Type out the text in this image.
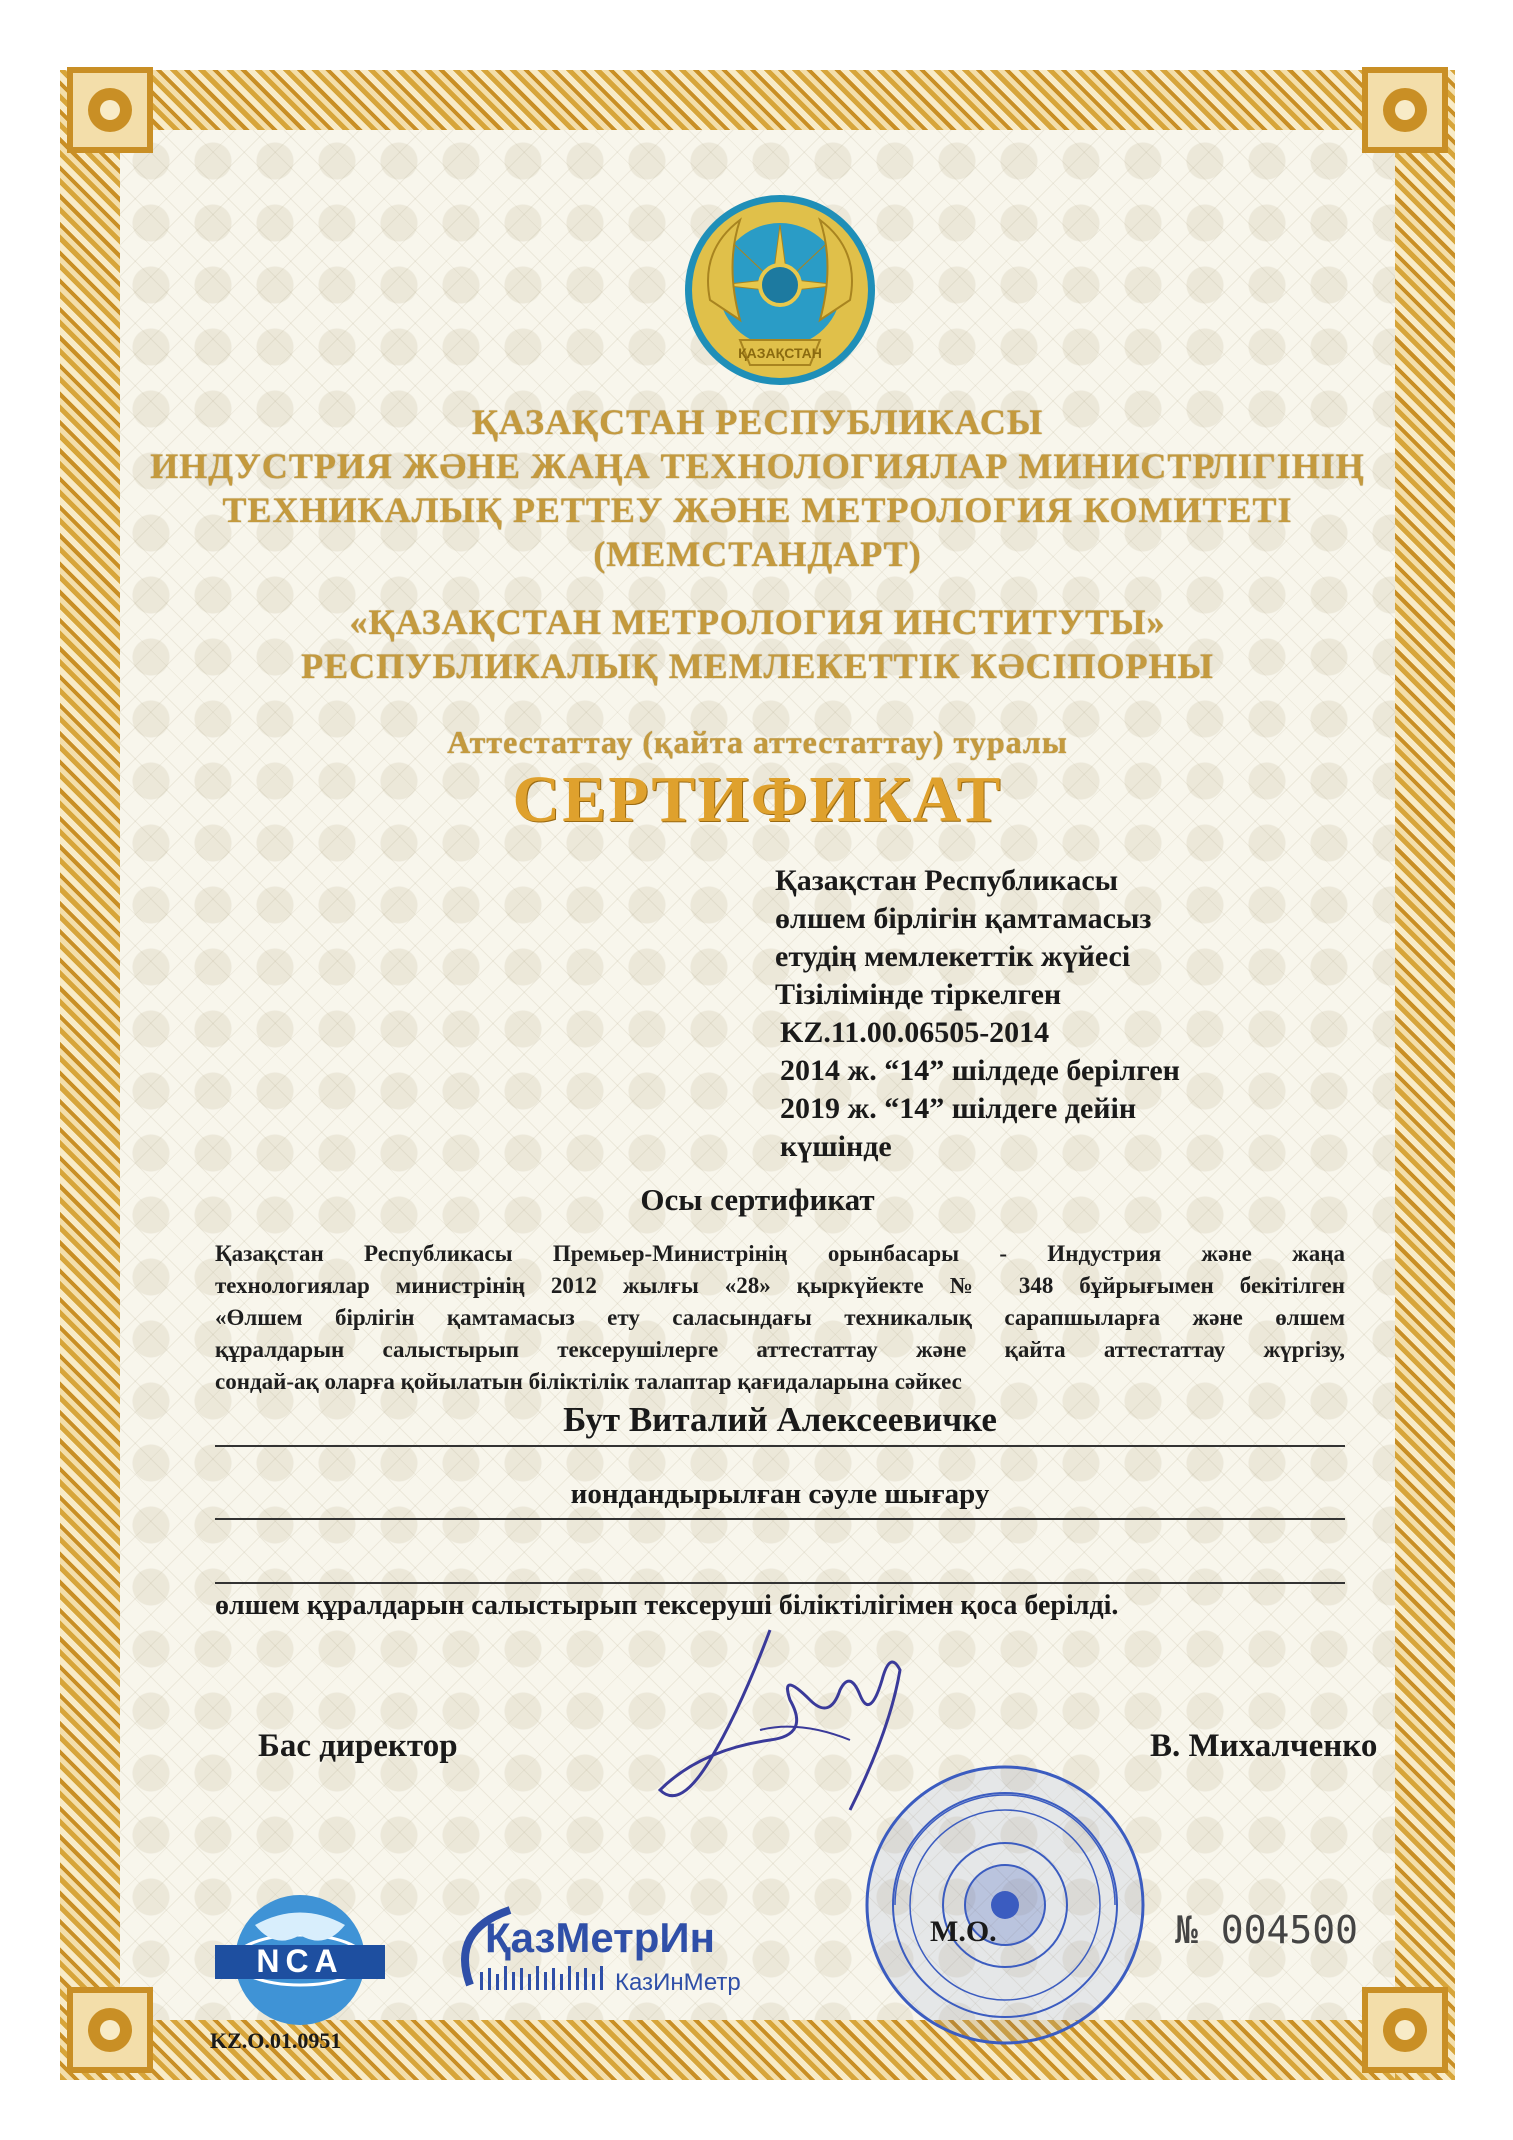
ҚАЗАҚСТАН
ҚАЗАҚСТАН РЕСПУБЛИКАСЫ
ИНДУСТРИЯ ЖӘНЕ ЖАҢА ТЕХНОЛОГИЯЛАР МИНИСТРЛІГІНІҢ
ТЕХНИКАЛЫҚ РЕТТЕУ ЖӘНЕ МЕТРОЛОГИЯ КОМИТЕТІ
(МЕМСТАНДАРТ)
«ҚАЗАҚСТАН МЕТРОЛОГИЯ ИНСТИТУТЫ»
РЕСПУБЛИКАЛЫҚ МЕМЛЕКЕТТІК КӘСІПОРНЫ
Аттестаттау (қайта аттестаттау) туралы
СЕРТИФИКАТ
Қазақстан Республикасы
өлшем бірлігін қамтамасыз
етудің мемлекеттік жүйесі
Тізілімінде тіркелген
KZ.11.00.06505-2014
2014 ж. “14” шілдеде берілген
2019 ж. “14” шілдеге дейін
күшінде
Осы сертификат
Қазақстан Республикасы Премьер-Министрінің орынбасары - Индустрия және жаңа
технологиялар министрінің 2012 жылғы «28» қыркүйекте № 348 бұйрығымен бекітілген
«Өлшем бірлігін қамтамасыз ету саласындағы техникалық сарапшыларға және өлшем
құралдарын салыстырып тексерушілерге аттестаттау және қайта аттестаттау жүргізу,
сондай-ақ оларға қойылатын біліктілік талаптар қағидаларына сәйкес
Бут Виталий Алексеевичке
иондандырылған сәуле шығару
өлшем құралдарын салыстырып тексеруші біліктілігімен қоса берілді.
Бас директор	В. Михалченко
М.О.	№ 004500
NCA
KZ.O.01.0951
ҚазМетрИн
КазИнМетр
